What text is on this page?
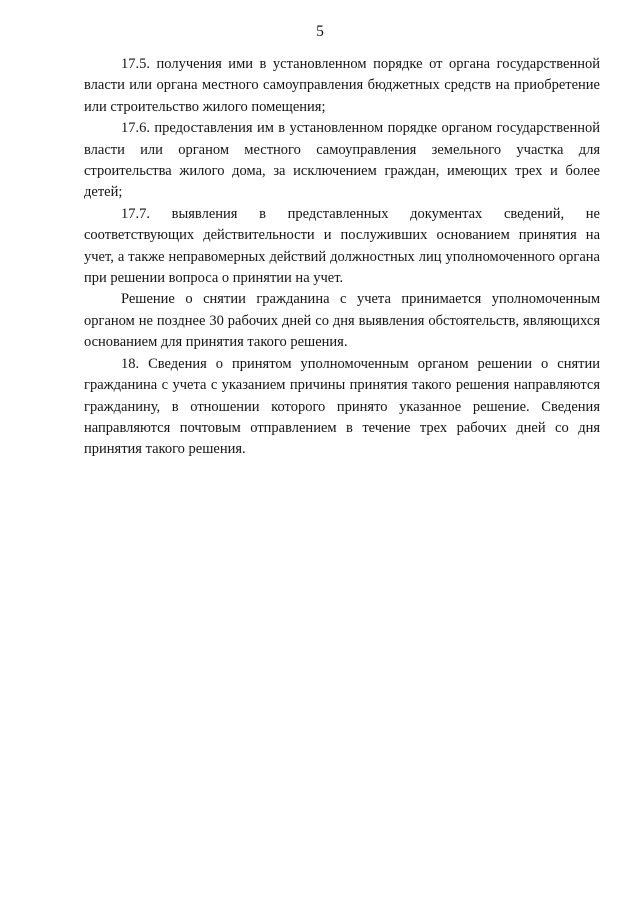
5

17.5. получения ими в установленном порядке от органа государственной власти или органа местного самоуправления бюджетных средств на приобретение или строительство жилого помещения;

17.6. предоставления им в установленном порядке органом государственной власти или органом местного самоуправления земельного участка для строительства жилого дома, за исключением граждан, имеющих трех и более детей;

17.7. выявления в представленных документах сведений, не соответствующих действительности и послуживших основанием принятия на учет, а также неправомерных действий должностных лиц уполномоченного органа при решении вопроса о принятии на учет.

Решение о снятии гражданина с учета принимается уполномоченным органом не позднее 30 рабочих дней со дня выявления обстоятельств, являющихся основанием для принятия такого решения.

18. Сведения о принятом уполномоченным органом решении о снятии гражданина с учета с указанием причины принятия такого решения направляются гражданину, в отношении которого принято указанное решение. Сведения направляются почтовым отправлением в течение трех рабочих дней со дня принятия такого решения.
